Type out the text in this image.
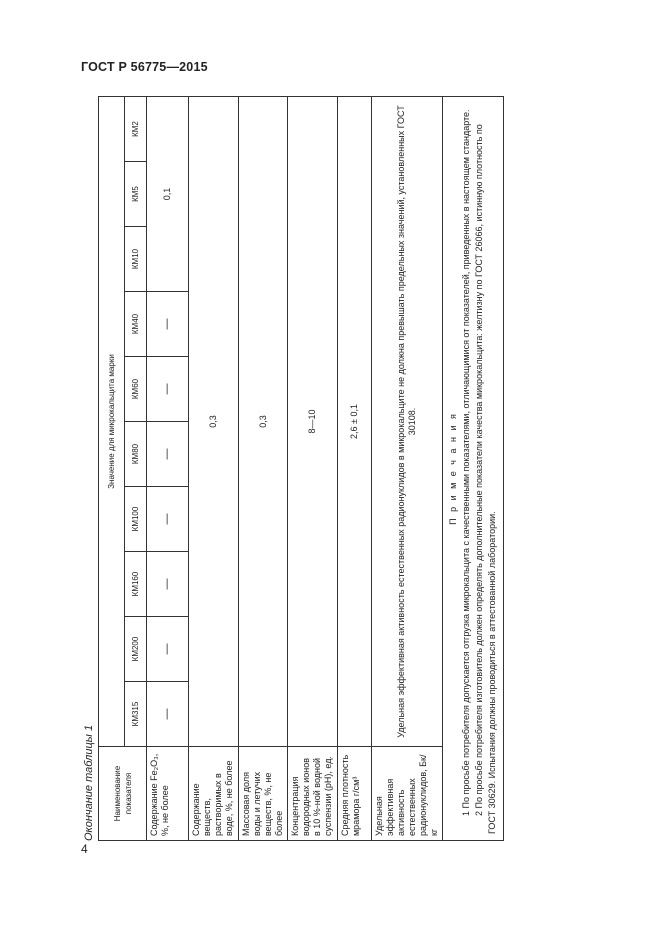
ГОСТ Р 56775—2015
4
Окончание таблицы 1 Наименование показателя	Значение для микрокальцита марки									
	КМ315	КМ200	КМ160	КМ100	КМ80	КМ60	КМ40	КМ10	КМ5	КМ2
Содержание Fe₂O₃, %, не более	—	—	—	—	—	—	—	0,1		
Содержание веществ, растворимых в воде, %, не более	0,3									
Массовая доля воды и летучих веществ, %, не более	0,3									
Концентрация водородных ионов в 10 %-ной водной суспензии (pH), ед.	8—10									
Средняя плотность мрамора г/см³	2,6 ± 0,1									
Удельная эффективная активность естественных радионуклидов, Бк/кг	Удельная эффективная активность естественных радионуклидов в микрокальците не должна превышать предельных значений, установленных ГОСТ 30108.									

П р и м е ч а н и я 1 По просьбе потребителя допускается отгрузка микрокальцита с качественными показателями, отличающимися от показателей, приведенных в настоящем стандарте. 2 По просьбе потребителя изготовитель должен определять дополнительные показатели качества микрокальцита: желтизну по ГОСТ 26066, истинную плотность по ГОСТ 30629. Испытания должны проводиться в аттестованной лаборатории.										
